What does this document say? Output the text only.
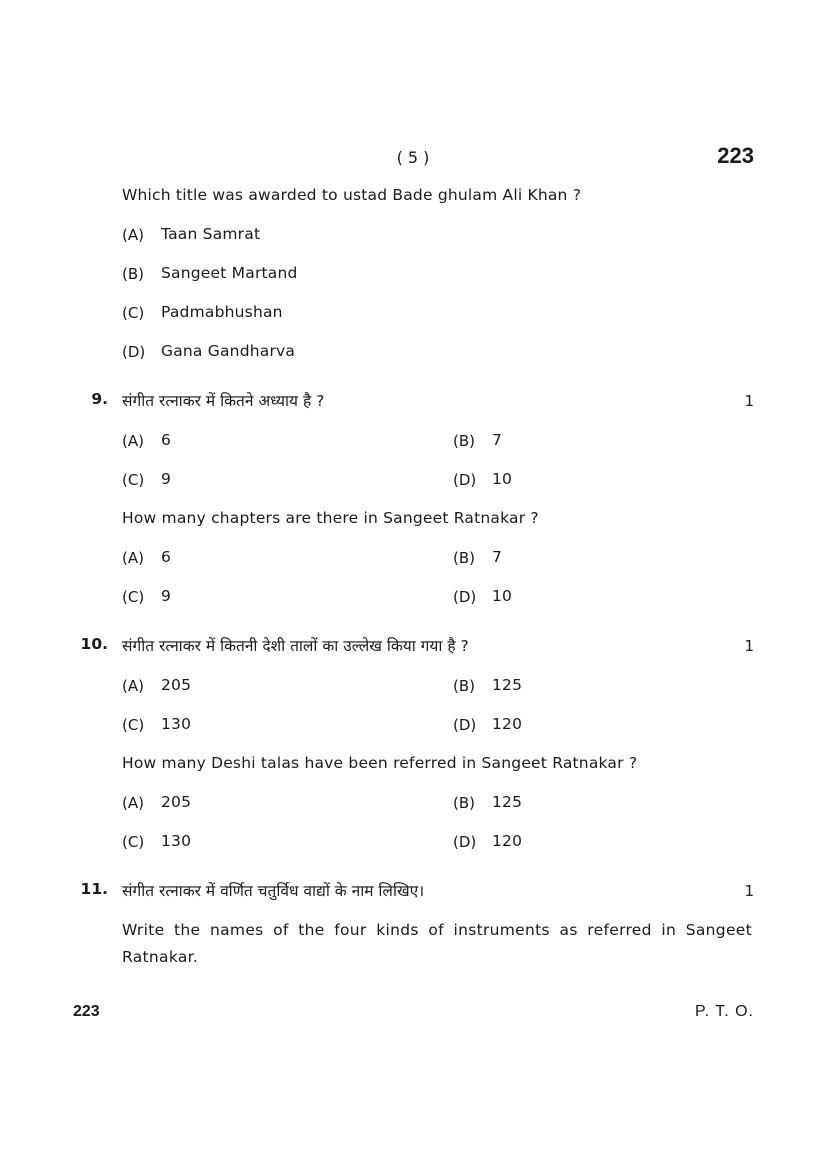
( 5 )	223
Which title was awarded to ustad Bade ghulam Ali Khan ?
(A) Taan Samrat
(B) Sangeet Martand
(C) Padmabhushan
(D) Gana Gandharva
9. संगीत रत्नाकर में कितने अध्याय है ?	1
(A) 6	(B) 7
(C) 9	(D) 10
How many chapters are there in Sangeet Ratnakar ?
(A) 6	(B) 7
(C) 9	(D) 10
10. संगीत रत्नाकर में कितनी देशी तालों का उल्लेख किया गया है ?	1
(A) 205	(B) 125
(C) 130	(D) 120
How many Deshi talas have been referred in Sangeet Ratnakar ?
(A) 205	(B) 125
(C) 130	(D) 120
11. संगीत रत्नाकर में वर्णित चतुर्विध वाद्यों के नाम लिखिए।	1
Write the names of the four kinds of instruments as referred in Sangeet Ratnakar.
223	P. T. O.
